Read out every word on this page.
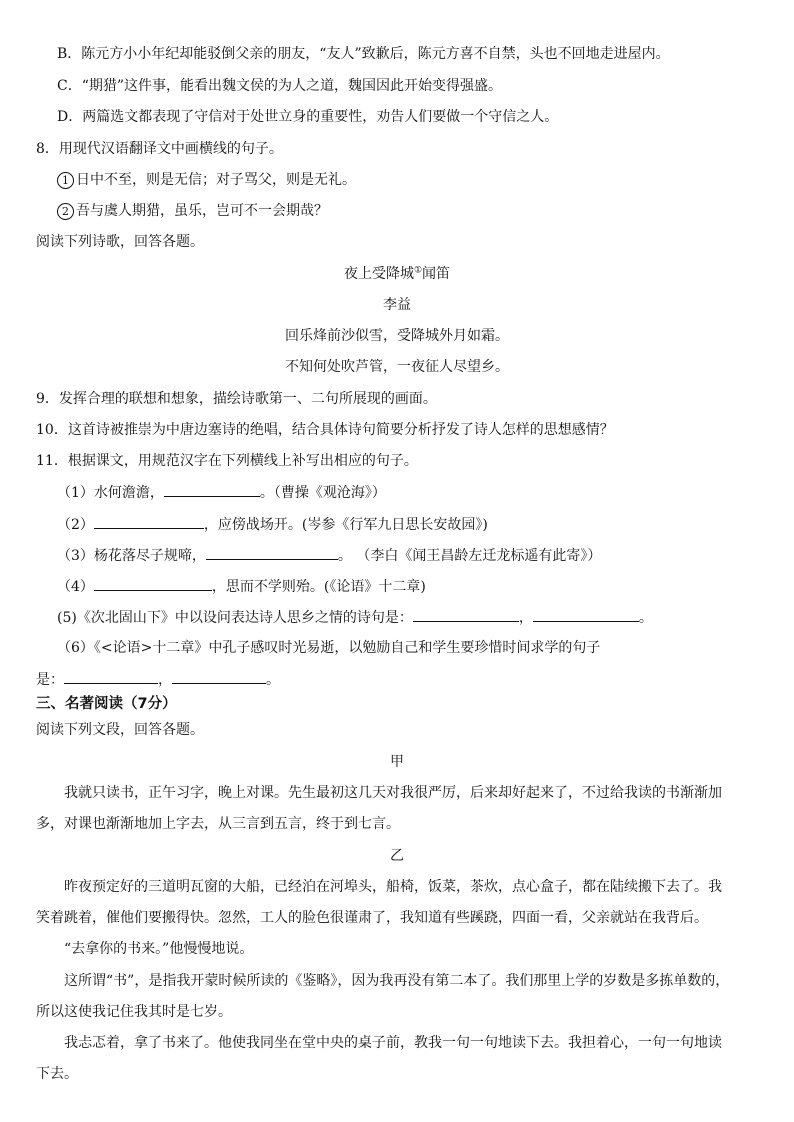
B．陈元方小小年纪却能驳倒父亲的朋友，“友人”致歉后，陈元方喜不自禁，头也不回地走进屋内。
C．“期猎”这件事，能看出魏文侯的为人之道，魏国因此开始变得强盛。
D．两篇选文都表现了守信对于处世立身的重要性，劝告人们要做一个守信之人。
8．用现代汉语翻译文中画横线的句子。
1 日中不至，则是无信；对子骂父，则是无礼。
2 吾与虞人期猎，虽乐，岂可不一会期哉？
阅读下列诗歌，回答各题。
夜上受降城①闻笛
李益
回乐烽前沙似雪，受降城外月如霜。
不知何处吹芦管，一夜征人尽望乡。
9．发挥合理的联想和想象，描绘诗歌第一、二句所展现的画面。
10．这首诗被推崇为中唐边塞诗的绝唱，结合具体诗句简要分析抒发了诗人怎样的思想感情？
11．根据课文，用规范汉字在下列横线上补写出相应的句子。
（1）水何澹澹，	。（曹操《观沧海》）
（2）	，应傍战场开。(岑参《行军九日思长安故园》)
（3）杨花落尽子规啼，	。 （李白《闻王昌龄左迁龙标遥有此寄》）
（4）	，思而不学则殆。(《论语》十二章)
(5)《次北固山下》中以设问表达诗人思乡之情的诗句是：	，	。
（6）《<论语>十二章》中孔子感叹时光易逝，以勉励自己和学生要珍惜时间求学的句子
是：	，	。
三、名著阅读（7分）
阅读下列文段，回答各题。
甲
我就只读书，正午习字，晚上对课。先生最初这几天对我很严厉，后来却好起来了，不过给我读的书渐渐加
多，对课也渐渐地加上字去，从三言到五言，终于到七言。
乙
昨夜预定好的三道明瓦窗的大船，已经泊在河埠头，船椅，饭菜，茶炊，点心盒子，都在陆续搬下去了。我
笑着跳着，催他们要搬得快。忽然，工人的脸色很谨肃了，我知道有些蹊跷，四面一看，父亲就站在我背后。
“去拿你的书来。”他慢慢地说。
这所谓“书”，是指我开蒙时候所读的《鉴略》，因为我再没有第二本了。我们那里上学的岁数是多拣单数的，
所以这使我记住我其时是七岁。
我忐忑着，拿了书来了。他使我同坐在堂中央的桌子前，教我一句一句地读下去。我担着心，一句一句地读
下去。
